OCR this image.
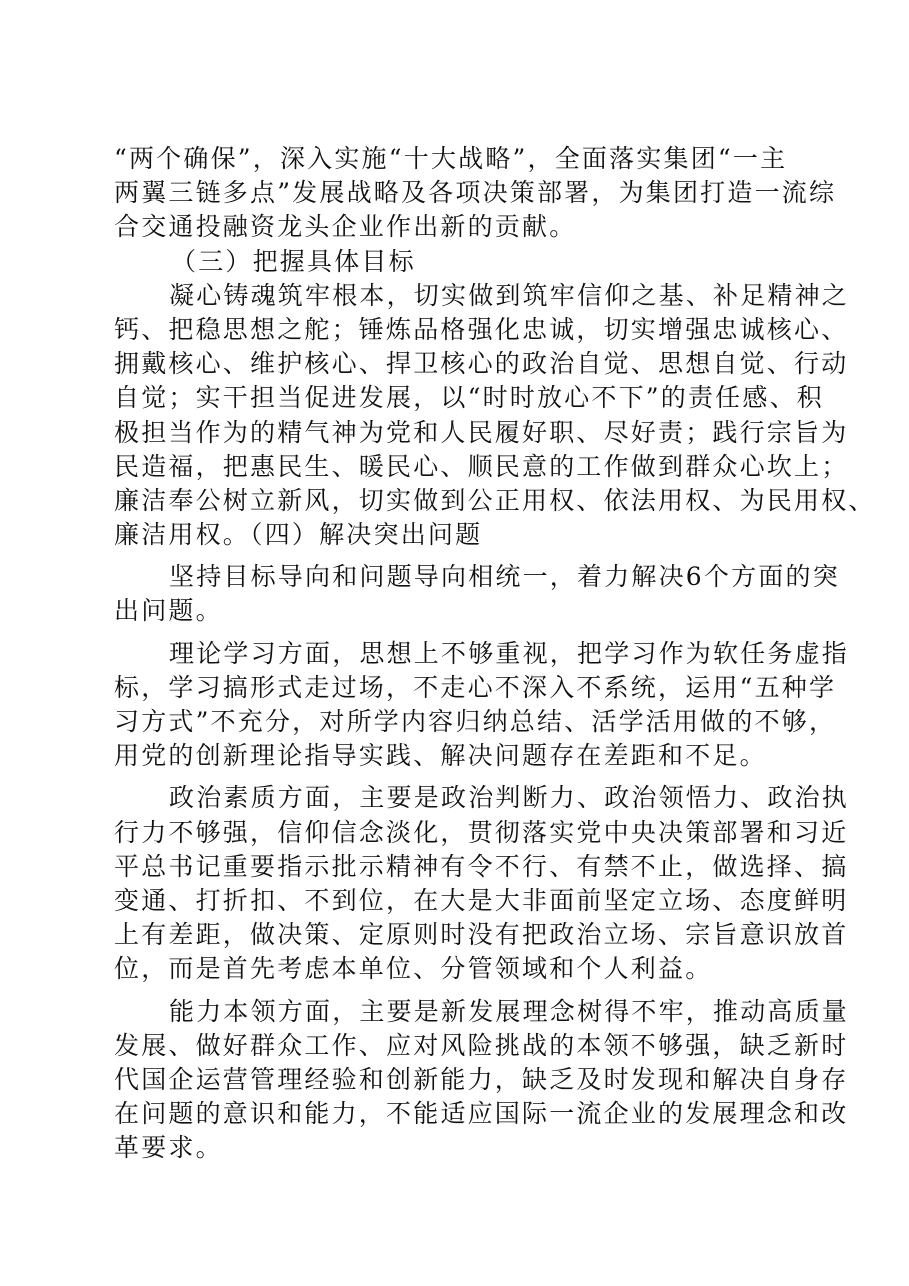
“两个确保”，深入实施“十大战略”，全面落实集团“一主
两翼三链多点”发展战略及各项决策部署，为集团打造一流综
合交通投融资龙头企业作出新的贡献。
（三）把握具体目标
凝心铸魂筑牢根本，切实做到筑牢信仰之基、补足精神之
钙、把稳思想之舵；锤炼品格强化忠诚，切实增强忠诚核心、
拥戴核心、维护核心、捍卫核心的政治自觉、思想自觉、行动
自觉；实干担当促进发展，以“时时放心不下”的责任感、积
极担当作为的精气神为党和人民履好职、尽好责；践行宗旨为
民造福，把惠民生、暖民心、顺民意的工作做到群众心坎上；
廉洁奉公树立新风，切实做到公正用权、依法用权、为民用权、
廉洁用权。（四）解决突出问题
坚持目标导向和问题导向相统一，着力解决6个方面的突
出问题。
理论学习方面，思想上不够重视，把学习作为软任务虚指
标，学习搞形式走过场，不走心不深入不系统，运用“五种学
习方式”不充分，对所学内容归纳总结、活学活用做的不够，
用党的创新理论指导实践、解决问题存在差距和不足。
政治素质方面，主要是政治判断力、政治领悟力、政治执
行力不够强，信仰信念淡化，贯彻落实党中央决策部署和习近
平总书记重要指示批示精神有令不行、有禁不止，做选择、搞
变通、打折扣、不到位，在大是大非面前坚定立场、态度鲜明
上有差距，做决策、定原则时没有把政治立场、宗旨意识放首
位，而是首先考虑本单位、分管领域和个人利益。
能力本领方面，主要是新发展理念树得不牢，推动高质量
发展、做好群众工作、应对风险挑战的本领不够强，缺乏新时
代国企运营管理经验和创新能力，缺乏及时发现和解决自身存
在问题的意识和能力，不能适应国际一流企业的发展理念和改
革要求。
